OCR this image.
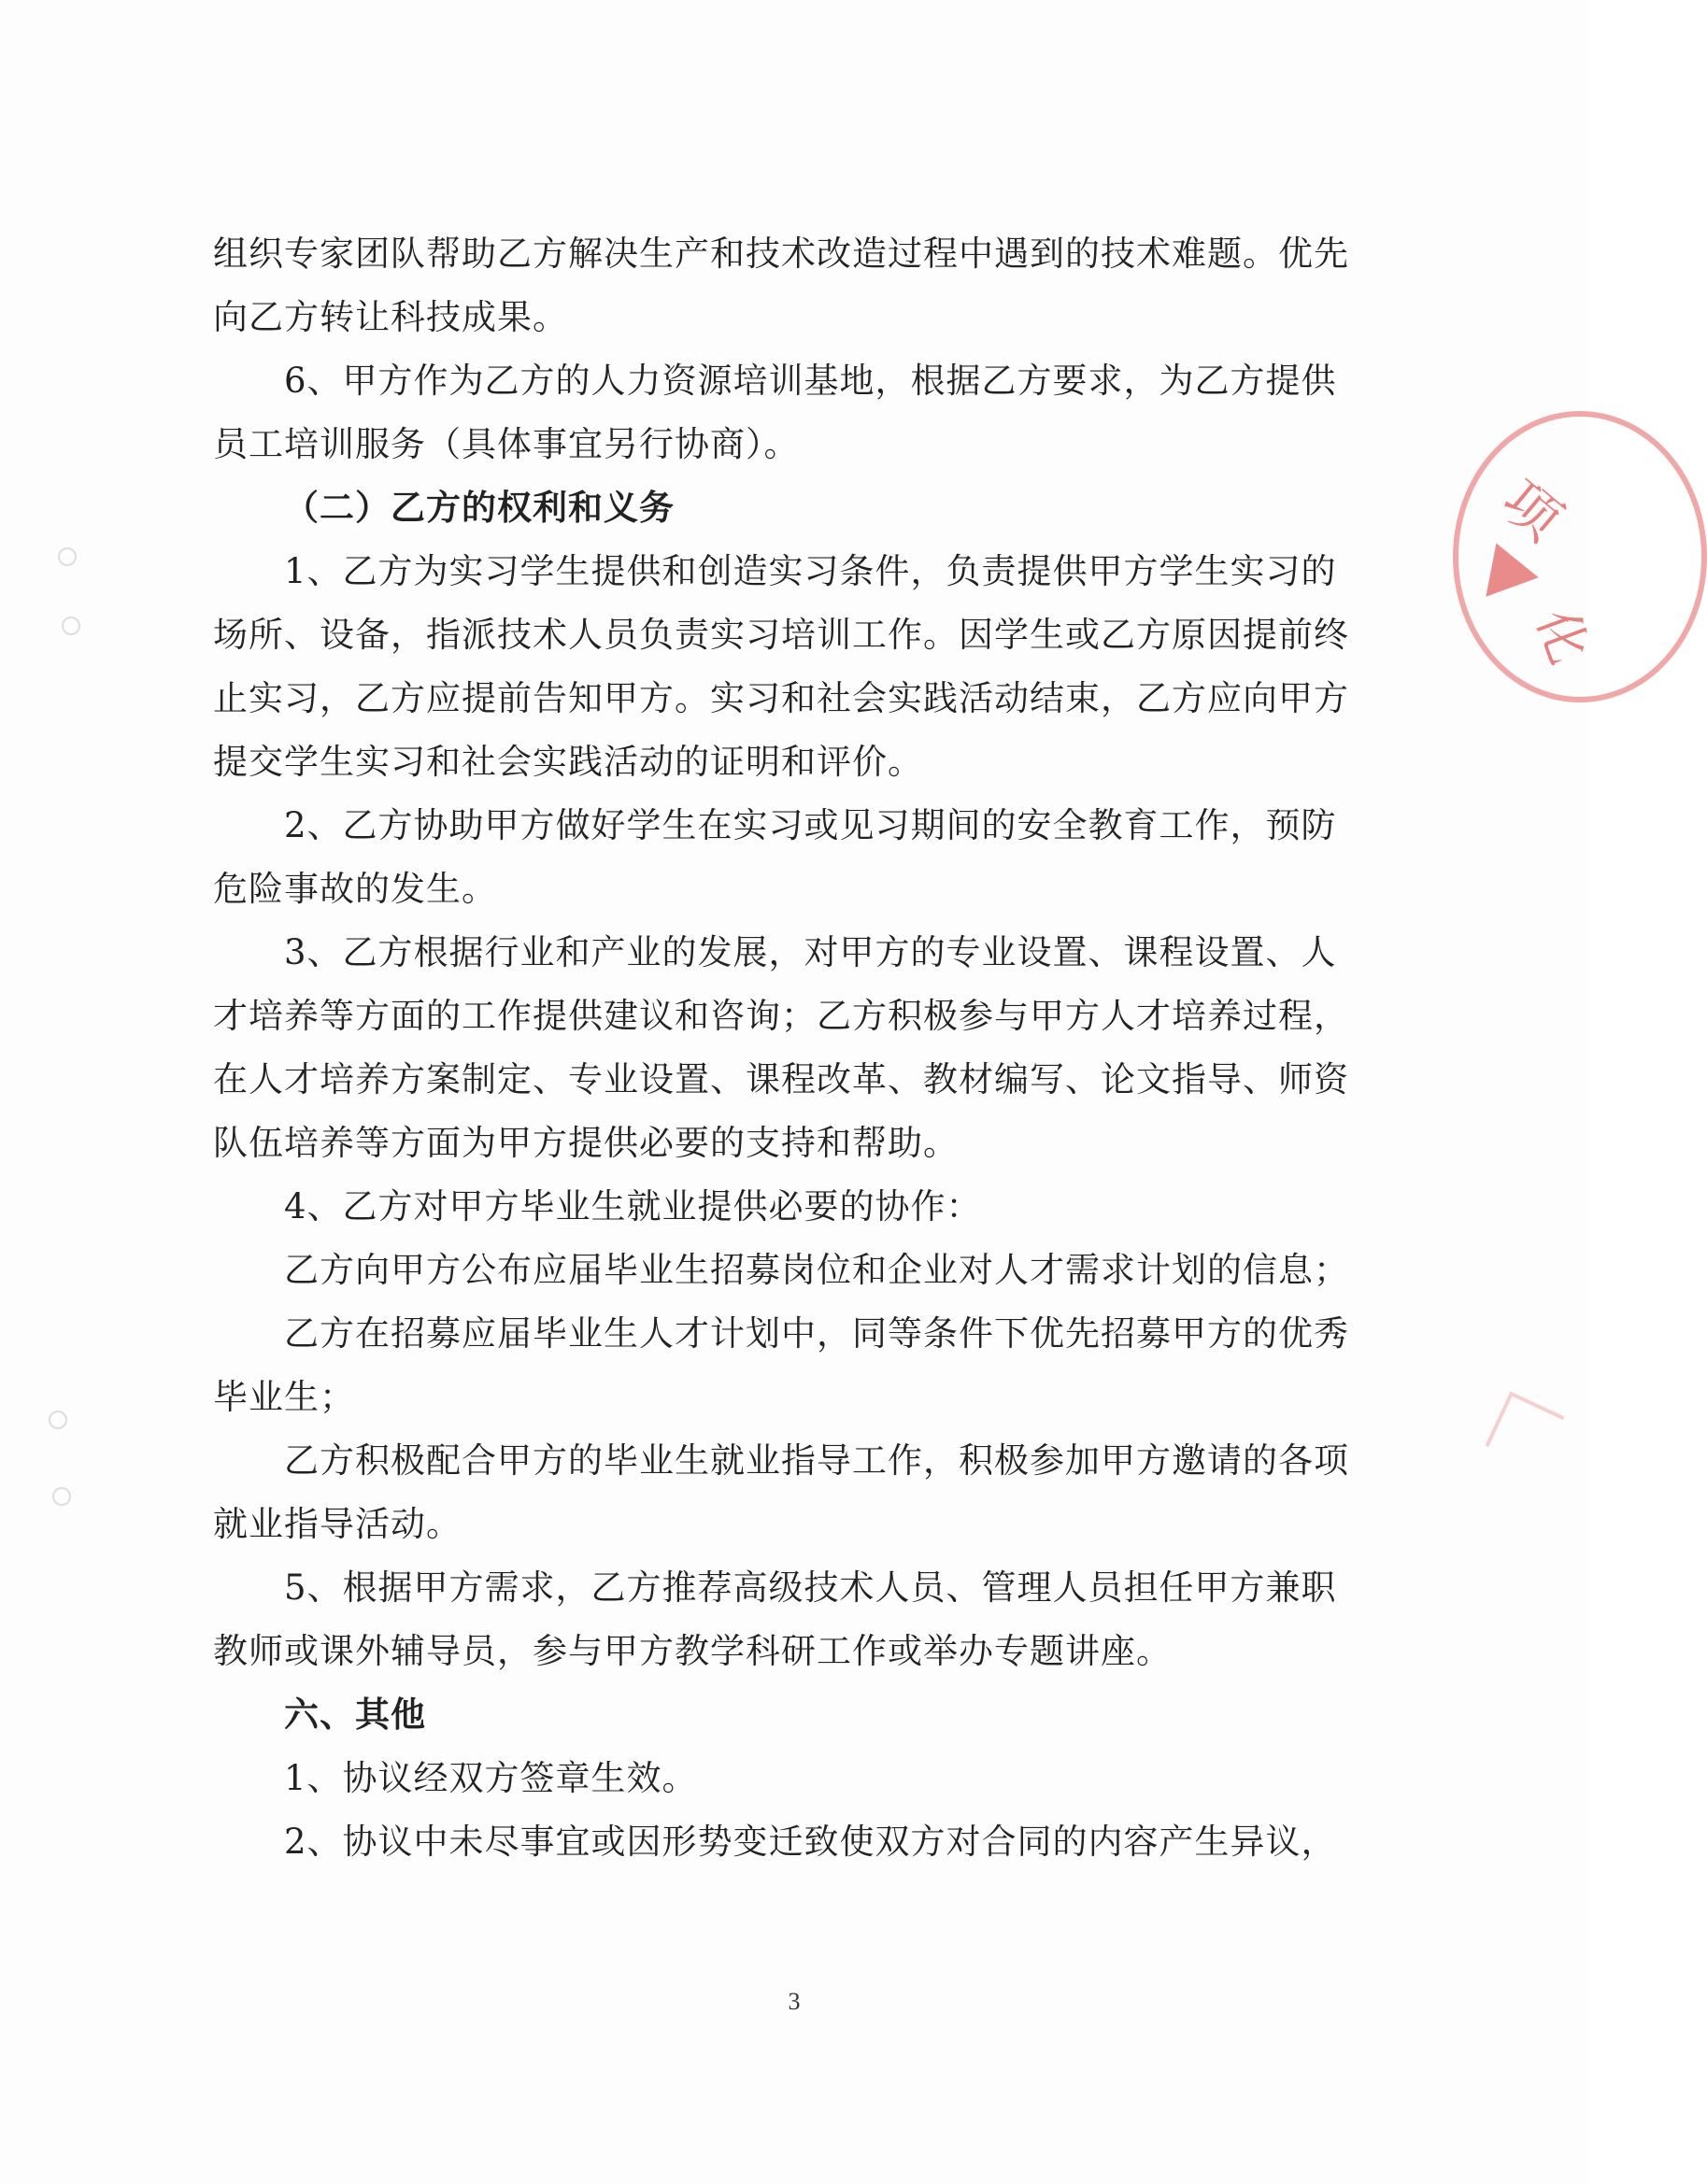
组织专家团队帮助乙方解决生产和技术改造过程中遇到的技术难题。优先
向乙方转让科技成果。
6、甲方作为乙方的人力资源培训基地，根据乙方要求，为乙方提供
员工培训服务（具体事宜另行协商）。
（二）乙方的权利和义务
1、乙方为实习学生提供和创造实习条件，负责提供甲方学生实习的
场所、设备，指派技术人员负责实习培训工作。因学生或乙方原因提前终
止实习，乙方应提前告知甲方。实习和社会实践活动结束，乙方应向甲方
提交学生实习和社会实践活动的证明和评价。
2、乙方协助甲方做好学生在实习或见习期间的安全教育工作，预防
危险事故的发生。
3、乙方根据行业和产业的发展，对甲方的专业设置、课程设置、人
才培养等方面的工作提供建议和咨询；乙方积极参与甲方人才培养过程，
在人才培养方案制定、专业设置、课程改革、教材编写、论文指导、师资
队伍培养等方面为甲方提供必要的支持和帮助。
4、乙方对甲方毕业生就业提供必要的协作：
乙方向甲方公布应届毕业生招募岗位和企业对人才需求计划的信息；
乙方在招募应届毕业生人才计划中，同等条件下优先招募甲方的优秀
毕业生；
乙方积极配合甲方的毕业生就业指导工作，积极参加甲方邀请的各项
就业指导活动。
5、根据甲方需求，乙方推荐高级技术人员、管理人员担任甲方兼职
教师或课外辅导员，参与甲方教学科研工作或举办专题讲座。
六、其他
1、协议经双方签章生效。
2、协议中未尽事宜或因形势变迁致使双方对合同的内容产生异议，
3
项
化
